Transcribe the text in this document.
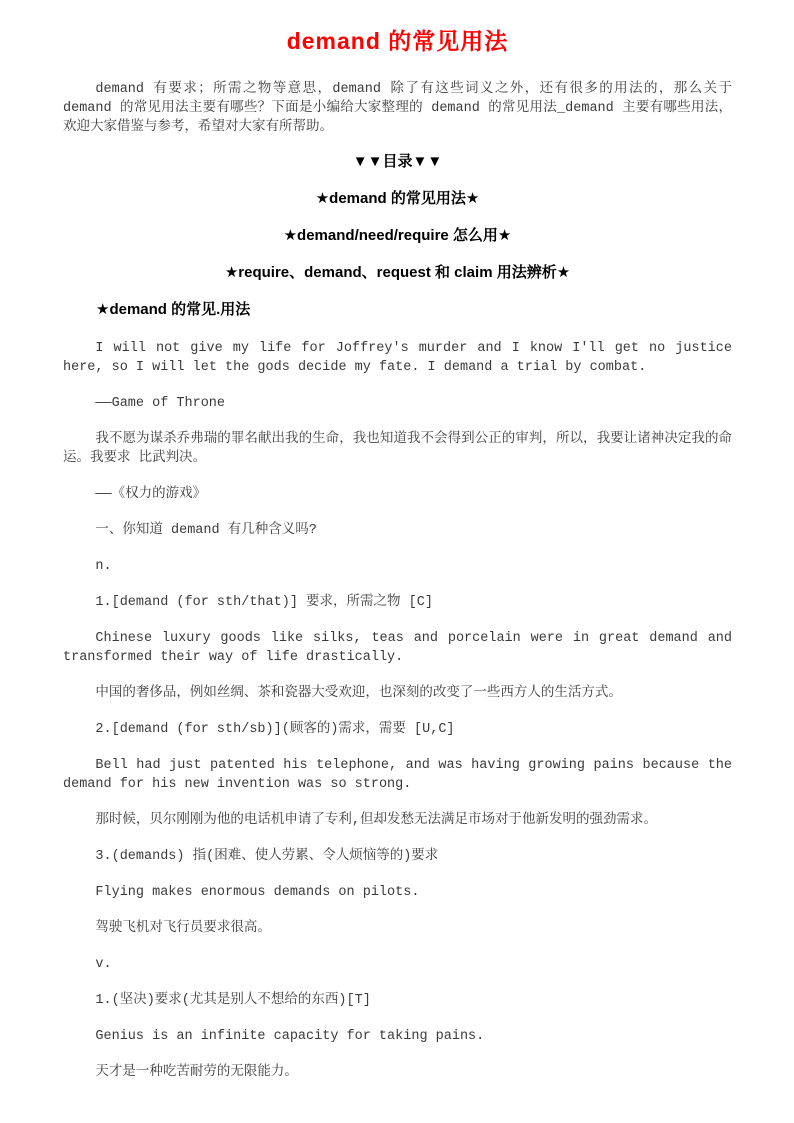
demand 的常见用法

demand 有要求；所需之物等意思，demand 除了有这些词义之外，还有很多的用法的，那么关于 demand 的常见用法主要有哪些？下面是小编给大家整理的 demand 的常见用法_demand 主要有哪些用法，欢迎大家借鉴与参考，希望对大家有所帮助。

▼▼目录▼▼

★demand 的常见用法★

★demand/need/require 怎么用★

★require、demand、request 和 claim 用法辨析★

★demand 的常见.用法

I will not give my life for Joffrey's murder and I know I'll get no justice here, so I will let the gods decide my fate. I demand a trial by combat.

——Game of Throne

我不愿为谋杀乔弗瑞的罪名献出我的生命，我也知道我不会得到公正的审判，所以，我要让诸神决定我的命运。我要求 比武判决。

——《权力的游戏》

一、你知道 demand 有几种含义吗?

n.

1.[demand (for sth/that)] 要求，所需之物 [C]

Chinese luxury goods like silks, teas and porcelain were in great demand and transformed their way of life drastically.

中国的奢侈品，例如丝绸、茶和瓷器大受欢迎，也深刻的改变了一些西方人的生活方式。

2.[demand (for sth/sb)](顾客的)需求，需要 [U,C]

Bell had just patented his telephone, and was having growing pains because the demand for his new invention was so strong.

那时候，贝尔刚刚为他的电话机申请了专利,但却发愁无法满足市场对于他新发明的强劲需求。

3.(demands) 指(困难、使人劳累、令人烦恼等的)要求

Flying makes enormous demands on pilots.

驾驶飞机对飞行员要求很高。

v.

1.(坚决)要求(尤其是别人不想给的东西)[T]

Genius is an infinite capacity for taking pains.

天才是一种吃苦耐劳的无限能力。
